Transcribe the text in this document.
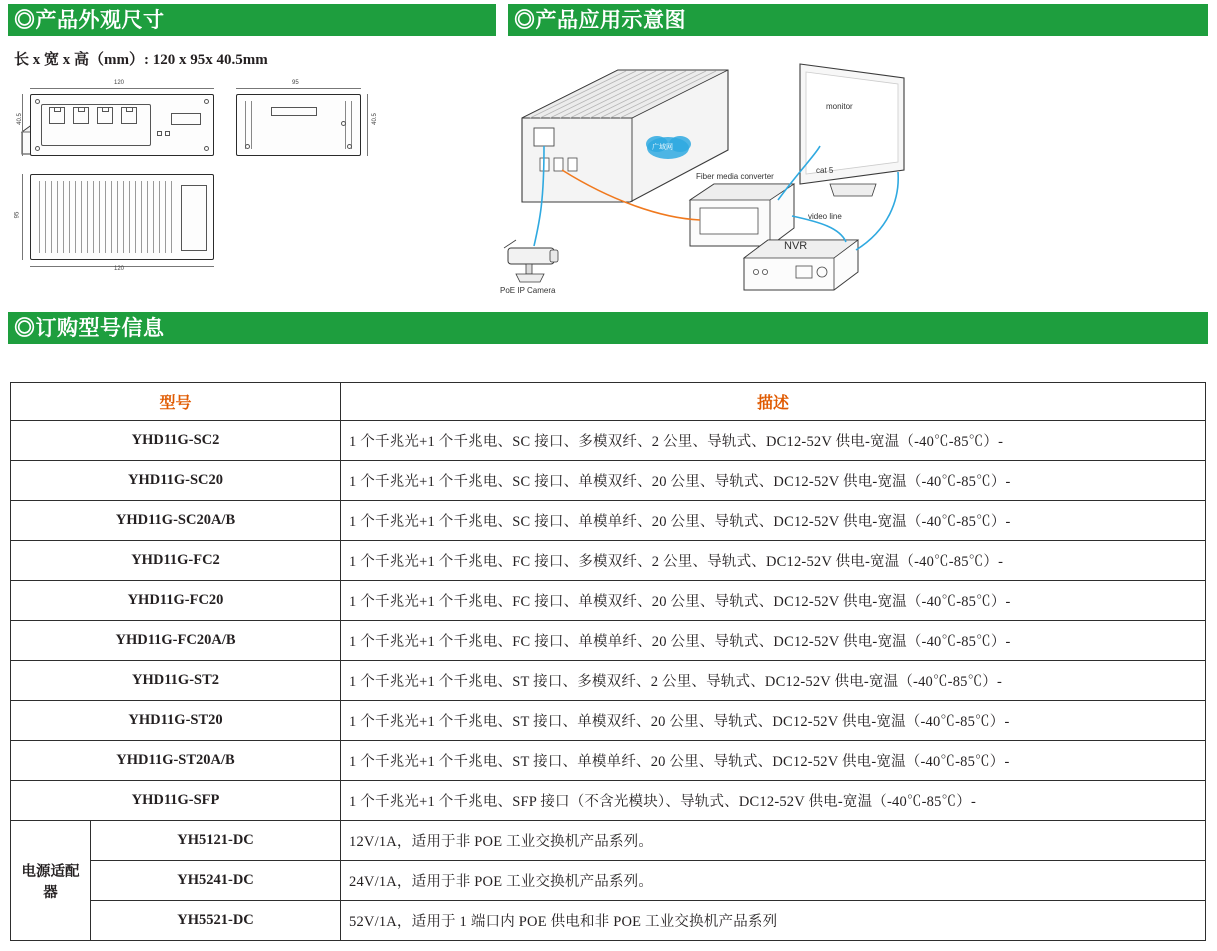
◎产品外观尺寸	◎产品应用示意图
◎订购型号信息
长 x 宽 x 高（mm）: 120 x 95x 40.5mm
120
40.5
95
40.5
95
120
广域网
Fiber media converter
monitor
cat 5
video line
NVR
PoE IP Camera
型号		描述
YHD11G-SC2		1 个千兆光+1 个千兆电、SC 接口、多模双纤、2 公里、导轨式、DC12-52V 供电-宽温（-40℃-85℃）-
YHD11G-SC20		1 个千兆光+1 个千兆电、SC 接口、单模双纤、20 公里、导轨式、DC12-52V 供电-宽温（-40℃-85℃）-
YHD11G-SC20A/B		1 个千兆光+1 个千兆电、SC 接口、单模单纤、20 公里、导轨式、DC12-52V 供电-宽温（-40℃-85℃）-
YHD11G-FC2		1 个千兆光+1 个千兆电、FC 接口、多模双纤、2 公里、导轨式、DC12-52V 供电-宽温（-40℃-85℃）-
YHD11G-FC20		1 个千兆光+1 个千兆电、FC 接口、单模双纤、20 公里、导轨式、DC12-52V 供电-宽温（-40℃-85℃）-
YHD11G-FC20A/B		1 个千兆光+1 个千兆电、FC 接口、单模单纤、20 公里、导轨式、DC12-52V 供电-宽温（-40℃-85℃）-
YHD11G-ST2		1 个千兆光+1 个千兆电、ST 接口、多模双纤、2 公里、导轨式、DC12-52V 供电-宽温（-40℃-85℃）-
YHD11G-ST20		1 个千兆光+1 个千兆电、ST 接口、单模双纤、20 公里、导轨式、DC12-52V 供电-宽温（-40℃-85℃）-
YHD11G-ST20A/B		1 个千兆光+1 个千兆电、ST 接口、单模单纤、20 公里、导轨式、DC12-52V 供电-宽温（-40℃-85℃）-
YHD11G-SFP		1 个千兆光+1 个千兆电、SFP 接口（不含光模块）、导轨式、DC12-52V 供电-宽温（-40℃-85℃）-
电源适配器	YH5121-DC	12V/1A，适用于非 POE 工业交换机产品系列。
	YH5241-DC	24V/1A，适用于非 POE 工业交换机产品系列。
	YH5521-DC	52V/1A，适用于 1 端口内 POE 供电和非 POE 工业交换机产品系列
